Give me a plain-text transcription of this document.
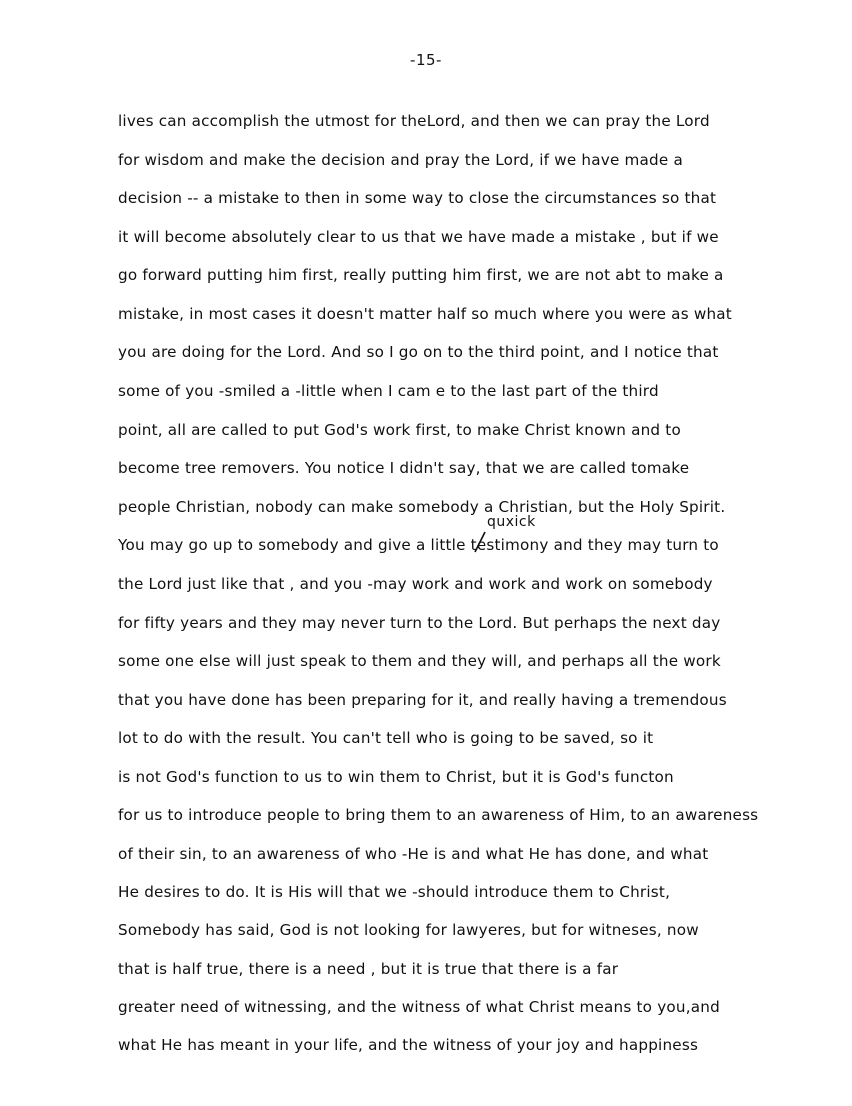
-15-
quxick
lives can accomplish the utmost for theLord, and then we can pray the Lord
for wisdom and make the decision and pray the Lord, if we have made a
decision -- a mistake to then in some way to close the circumstances so that
it will become absolutely clear to us that we have made a mistake , but if we
go forward putting him first, really putting him first, we are not abt to make a
mistake, in most cases it doesn't matter half so much where you were as what
you are doing for the Lord. And so I go on to the third point, and I notice that
some of you -smiled a -little when I cam e to the last part of the third
point, all are called to put God's work first, to make Christ known and to
become tree removers. You notice I didn't say, that we are called tomake
people Christian, nobody can make somebody a Christian, but the Holy Spirit.
You may go up to somebody and give a little testimony and they may turn to
the Lord just like that , and you -may work and work and work on somebody
for fifty years and they may never turn to the Lord. But perhaps the next day
some one else will just speak to them and they will, and perhaps all the work
that you have done has been preparing for it, and really having a tremendous
lot to do with the result. You can't tell who is going to be saved, so it
is not God's function to us to win them to Christ, but it is God's functon
for us to introduce people to bring them to an awareness of Him, to an awareness
of their sin, to an awareness of who -He is and what He has done, and what
He desires to do. It is His will that we -should introduce them to Christ,
Somebody has said, God is not looking for lawyeres, but for witneses, now
that is half true, there is a need , but it is true that there is a far
greater need of witnessing, and the witness of what Christ means to you,and
what He has meant in your life, and the witness of your joy and happiness
